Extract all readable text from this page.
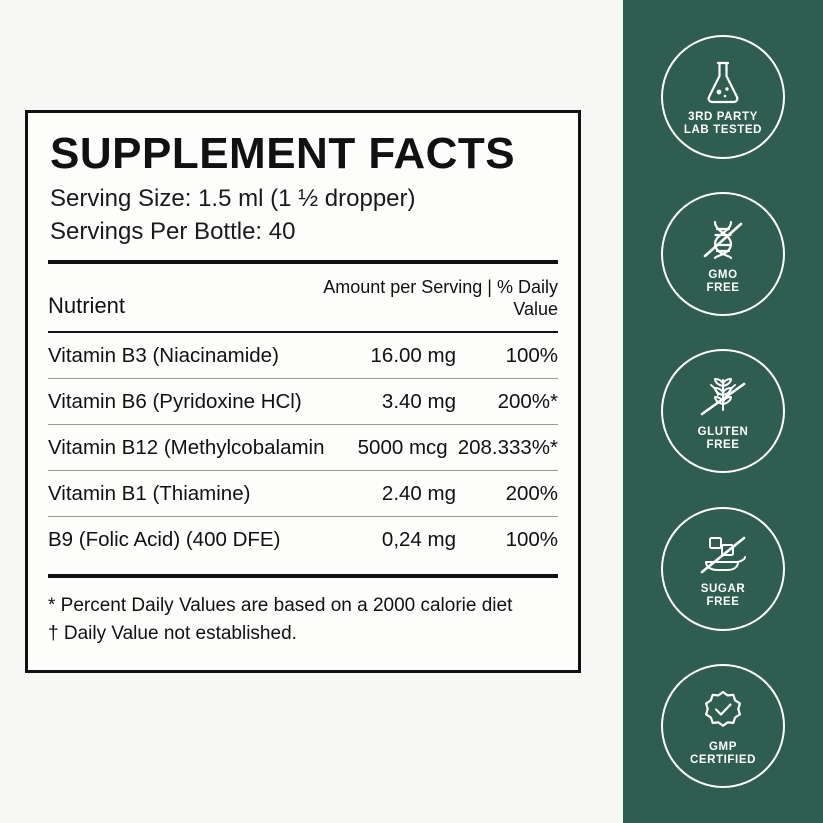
SUPPLEMENT FACTS
Serving Size: 1.5 ml (1 ½ dropper)
Servings Per Bottle: 40
Nutrient
Amount per Serving | % Daily
Value
Vitamin B3 (Niacinamide)	16.00 mg	100%
Vitamin B6 (Pyridoxine HCl)	3.40 mg	200%*
Vitamin B12 (Methylcobalamin	5000 mcg 208.333%*
Vitamin B1 (Thiamine)	2.40 mg	200%
B9 (Folic Acid) (400 DFE)	0,24 mg	100%
* Percent Daily Values are based on a 2000 calorie diet
† Daily Value not established.
3RD PARTY
LAB TESTED
GMO
FREE
GLUTEN
FREE
SUGAR
FREE
GMP
CERTIFIED
